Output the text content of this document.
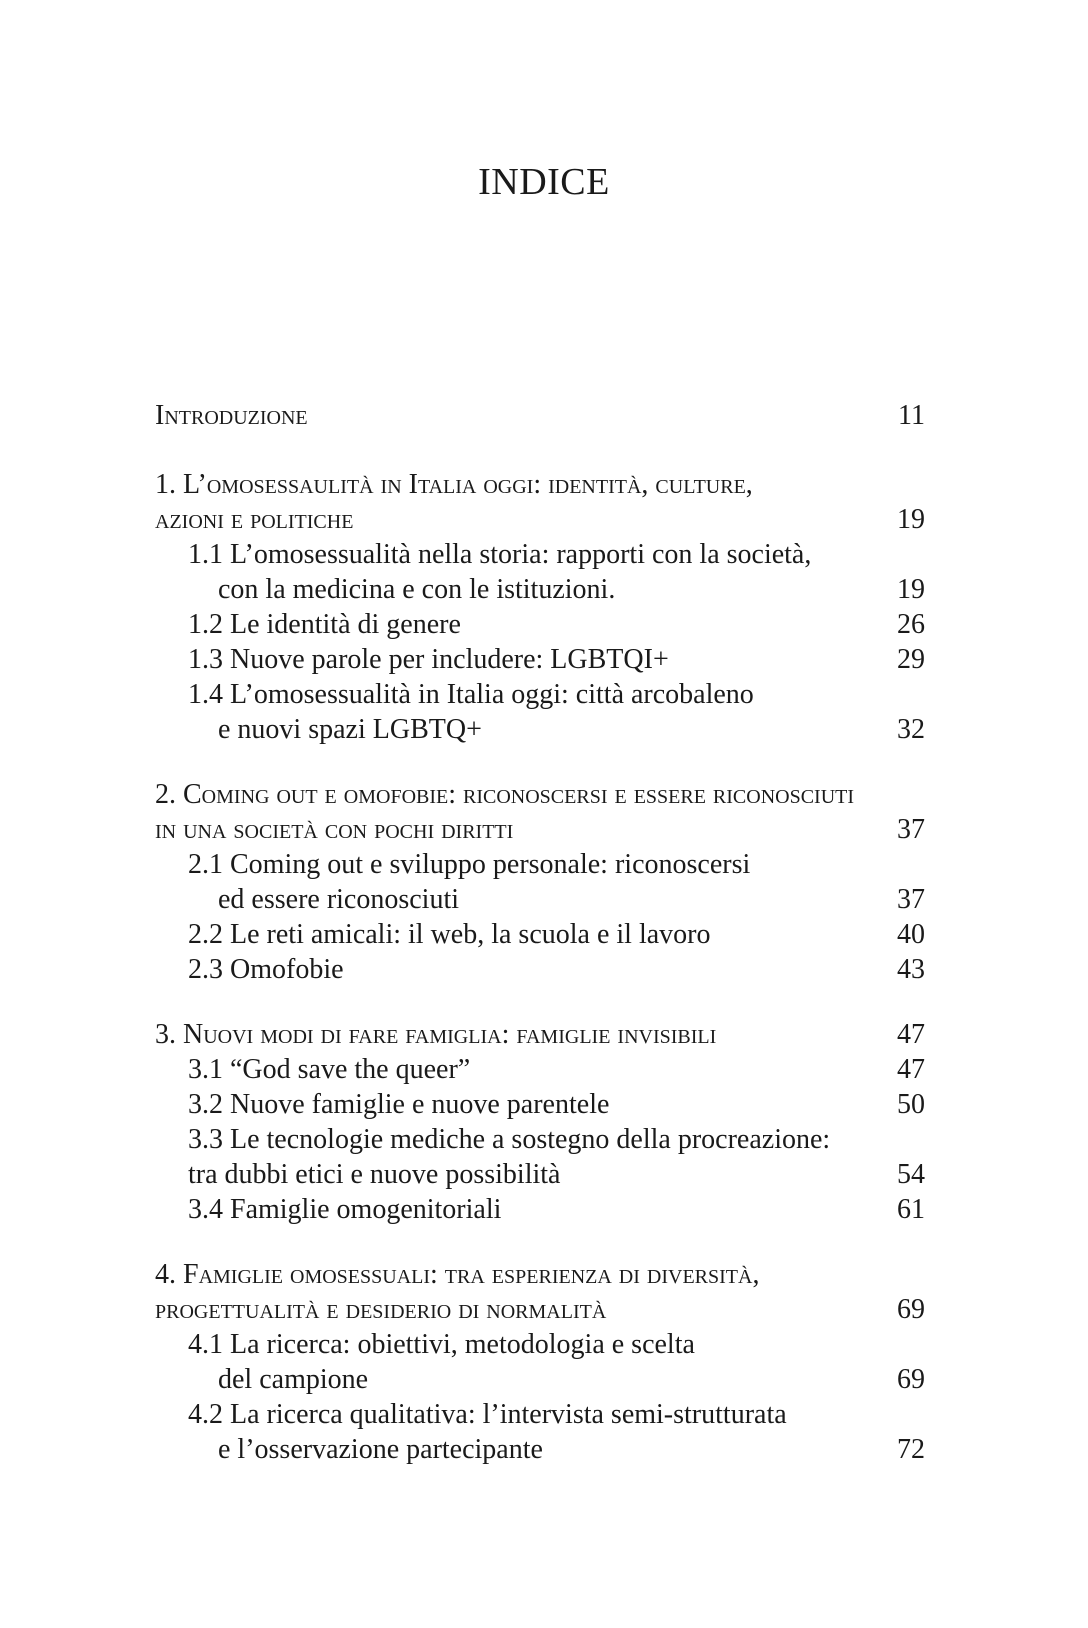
INDICE
Introduzione	11
1. L’omosessaulità in Italia oggi: identità, culture,
azioni e politiche	19
1.1 L’omosessualità nella storia: rapporti con la società,
con la medicina e con le istituzioni.	19
1.2 Le identità di genere	26
1.3 Nuove parole per includere: LGBTQI+	29
1.4 L’omosessualità in Italia oggi: città arcobaleno
e nuovi spazi LGBTQ+	32
2. Coming out e omofobie: riconoscersi e essere riconosciuti
in una società con pochi diritti	37
2.1 Coming out e sviluppo personale: riconoscersi
ed essere riconosciuti	37
2.2 Le reti amicali: il web, la scuola e il lavoro	40
2.3 Omofobie	43
3. Nuovi modi di fare famiglia: famiglie invisibili	47
3.1 “God save the queer”	47
3.2 Nuove famiglie e nuove parentele	50
3.3 Le tecnologie mediche a sostegno della procreazione:
tra dubbi etici e nuove possibilità	54
3.4 Famiglie omogenitoriali	61
4. Famiglie omosessuali: tra esperienza di diversità,
progettualità e desiderio di normalità	69
4.1 La ricerca: obiettivi, metodologia e scelta
del campione	69
4.2 La ricerca qualitativa: l’intervista semi-strutturata
e l’osservazione partecipante	72
